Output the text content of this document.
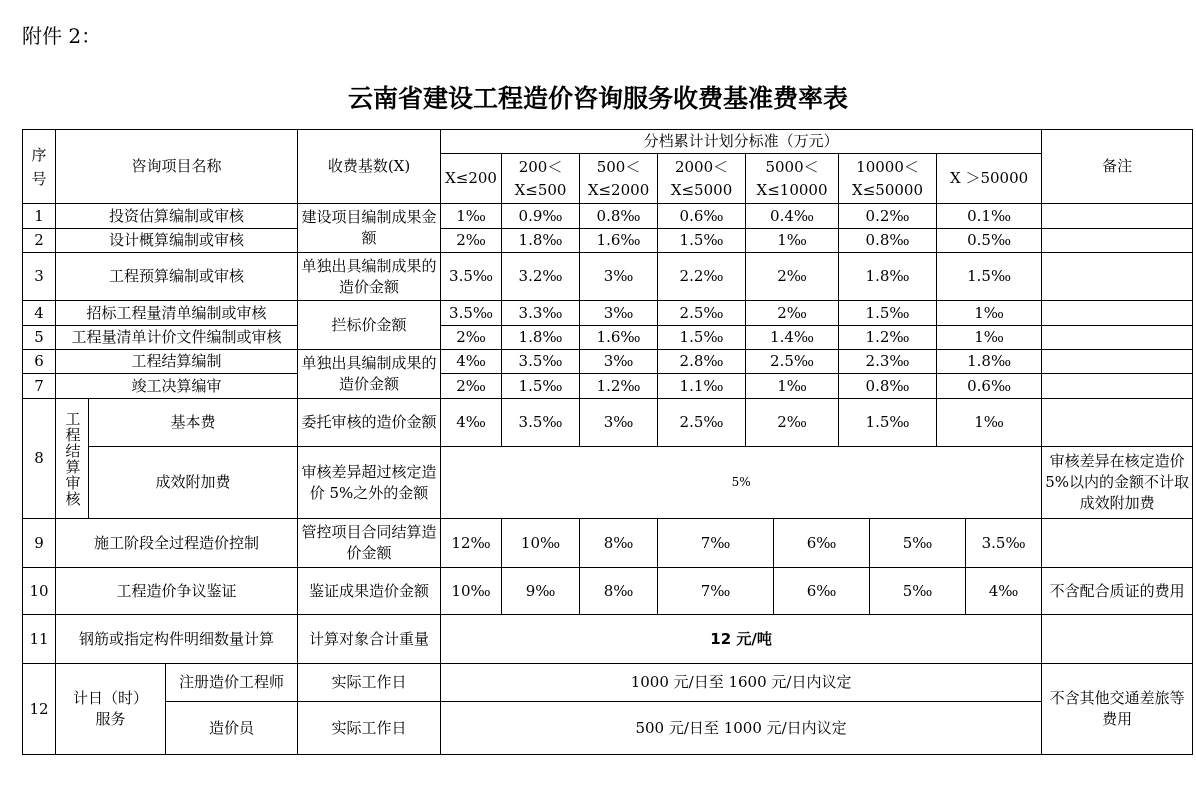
附件 2：
云南省建设工程造价咨询服务收费基准费率表
序号	咨询项目名称			收费基数(X)	分档累计计划分标准（万元）										备注
					X≤200	200＜X≤500	500＜X≤2000	2000＜X≤5000	5000＜X≤10000		10000＜X≤50000		X ＞50000		
1	投资估算编制或审核			建设项目编制成果金额	1‰	0.9‰	0.8‰	0.6‰	0.4‰		0.2‰		0.1‰		
2	设计概算编制或审核				2‰	1.8‰	1.6‰	1.5‰	1‰		0.8‰		0.5‰		
3	工程预算编制或审核			单独出具编制成果的造价金额	3.5‰	3.2‰	3‰	2.2‰	2‰		1.8‰		1.5‰		
4	招标工程量清单编制或审核			拦标价金额	3.5‰	3.3‰	3‰	2.5‰	2‰		1.5‰		1‰		
5	工程量清单计价文件编制或审核				2‰	1.8‰	1.6‰	1.5‰	1.4‰		1.2‰		1‰		
6	工程结算编制			单独出具编制成果的造价金额	4‰	3.5‰	3‰	2.8‰	2.5‰		2.3‰		1.8‰		
7	竣工决算编审				2‰	1.5‰	1.2‰	1.1‰	1‰		0.8‰		0.6‰		
8	工程结算审核	基本费		委托审核的造价金额	4‰	3.5‰	3‰	2.5‰	2‰		1.5‰		1‰		
		成效附加费		审核差异超过核定造价 5%之外的金额	5%										审核差异在核定造价 5%以内的金额不计取成效附加费
9	施工阶段全过程造价控制			管控项目合同结算造价金额	12‰	10‰	8‰	7‰		6‰		5‰		3.5‰	
10	工程造价争议鉴证			鉴证成果造价金额	10‰	9‰	8‰	7‰		6‰		5‰		4‰	不含配合质证的费用
11	钢筋或指定构件明细数量计算			计算对象合计重量	12 元/吨										
12	计日（时）服务		注册造价工程师	实际工作日	1000 元/日至 1600 元/日内议定										不含其他交通差旅等费用
			造价员	实际工作日	500 元/日至 1000 元/日内议定										
